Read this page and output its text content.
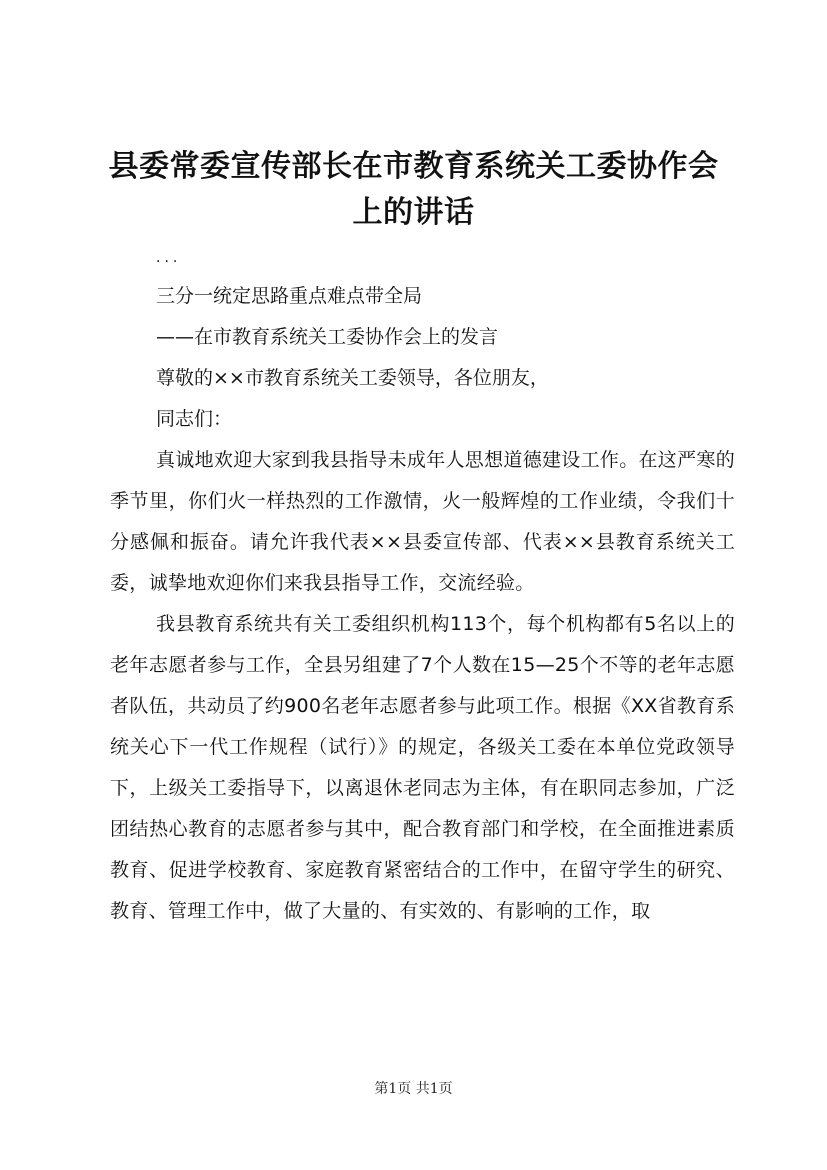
县委常委宣传部长在市教育系统关工委协作会
上的讲话

...

三分一统定思路重点难点带全局

——在市教育系统关工委协作会上的发言

尊敬的××市教育系统关工委领导，各位朋友，

同志们：

真诚地欢迎大家到我县指导未成年人思想道德建设工作。在这严寒的季节里，你们火一样热烈的工作激情，火一般辉煌的工作业绩，令我们十分感佩和振奋。请允许我代表××县委宣传部、代表××县教育系统关工委，诚挚地欢迎你们来我县指导工作，交流经验。

我县教育系统共有关工委组织机构113个，每个机构都有5名以上的老年志愿者参与工作，全县另组建了7个人数在15—25个不等的老年志愿者队伍，共动员了约900名老年志愿者参与此项工作。根据《XX省教育系统关心下一代工作规程（试行）》的规定，各级关工委在本单位党政领导下，上级关工委指导下，以离退休老同志为主体，有在职同志参加，广泛团结热心教育的志愿者参与其中，配合教育部门和学校，在全面推进素质教育、促进学校教育、家庭教育紧密结合的工作中，在留守学生的研究、教育、管理工作中，做了大量的、有实效的、有影响的工作，取

第1页 共1页
